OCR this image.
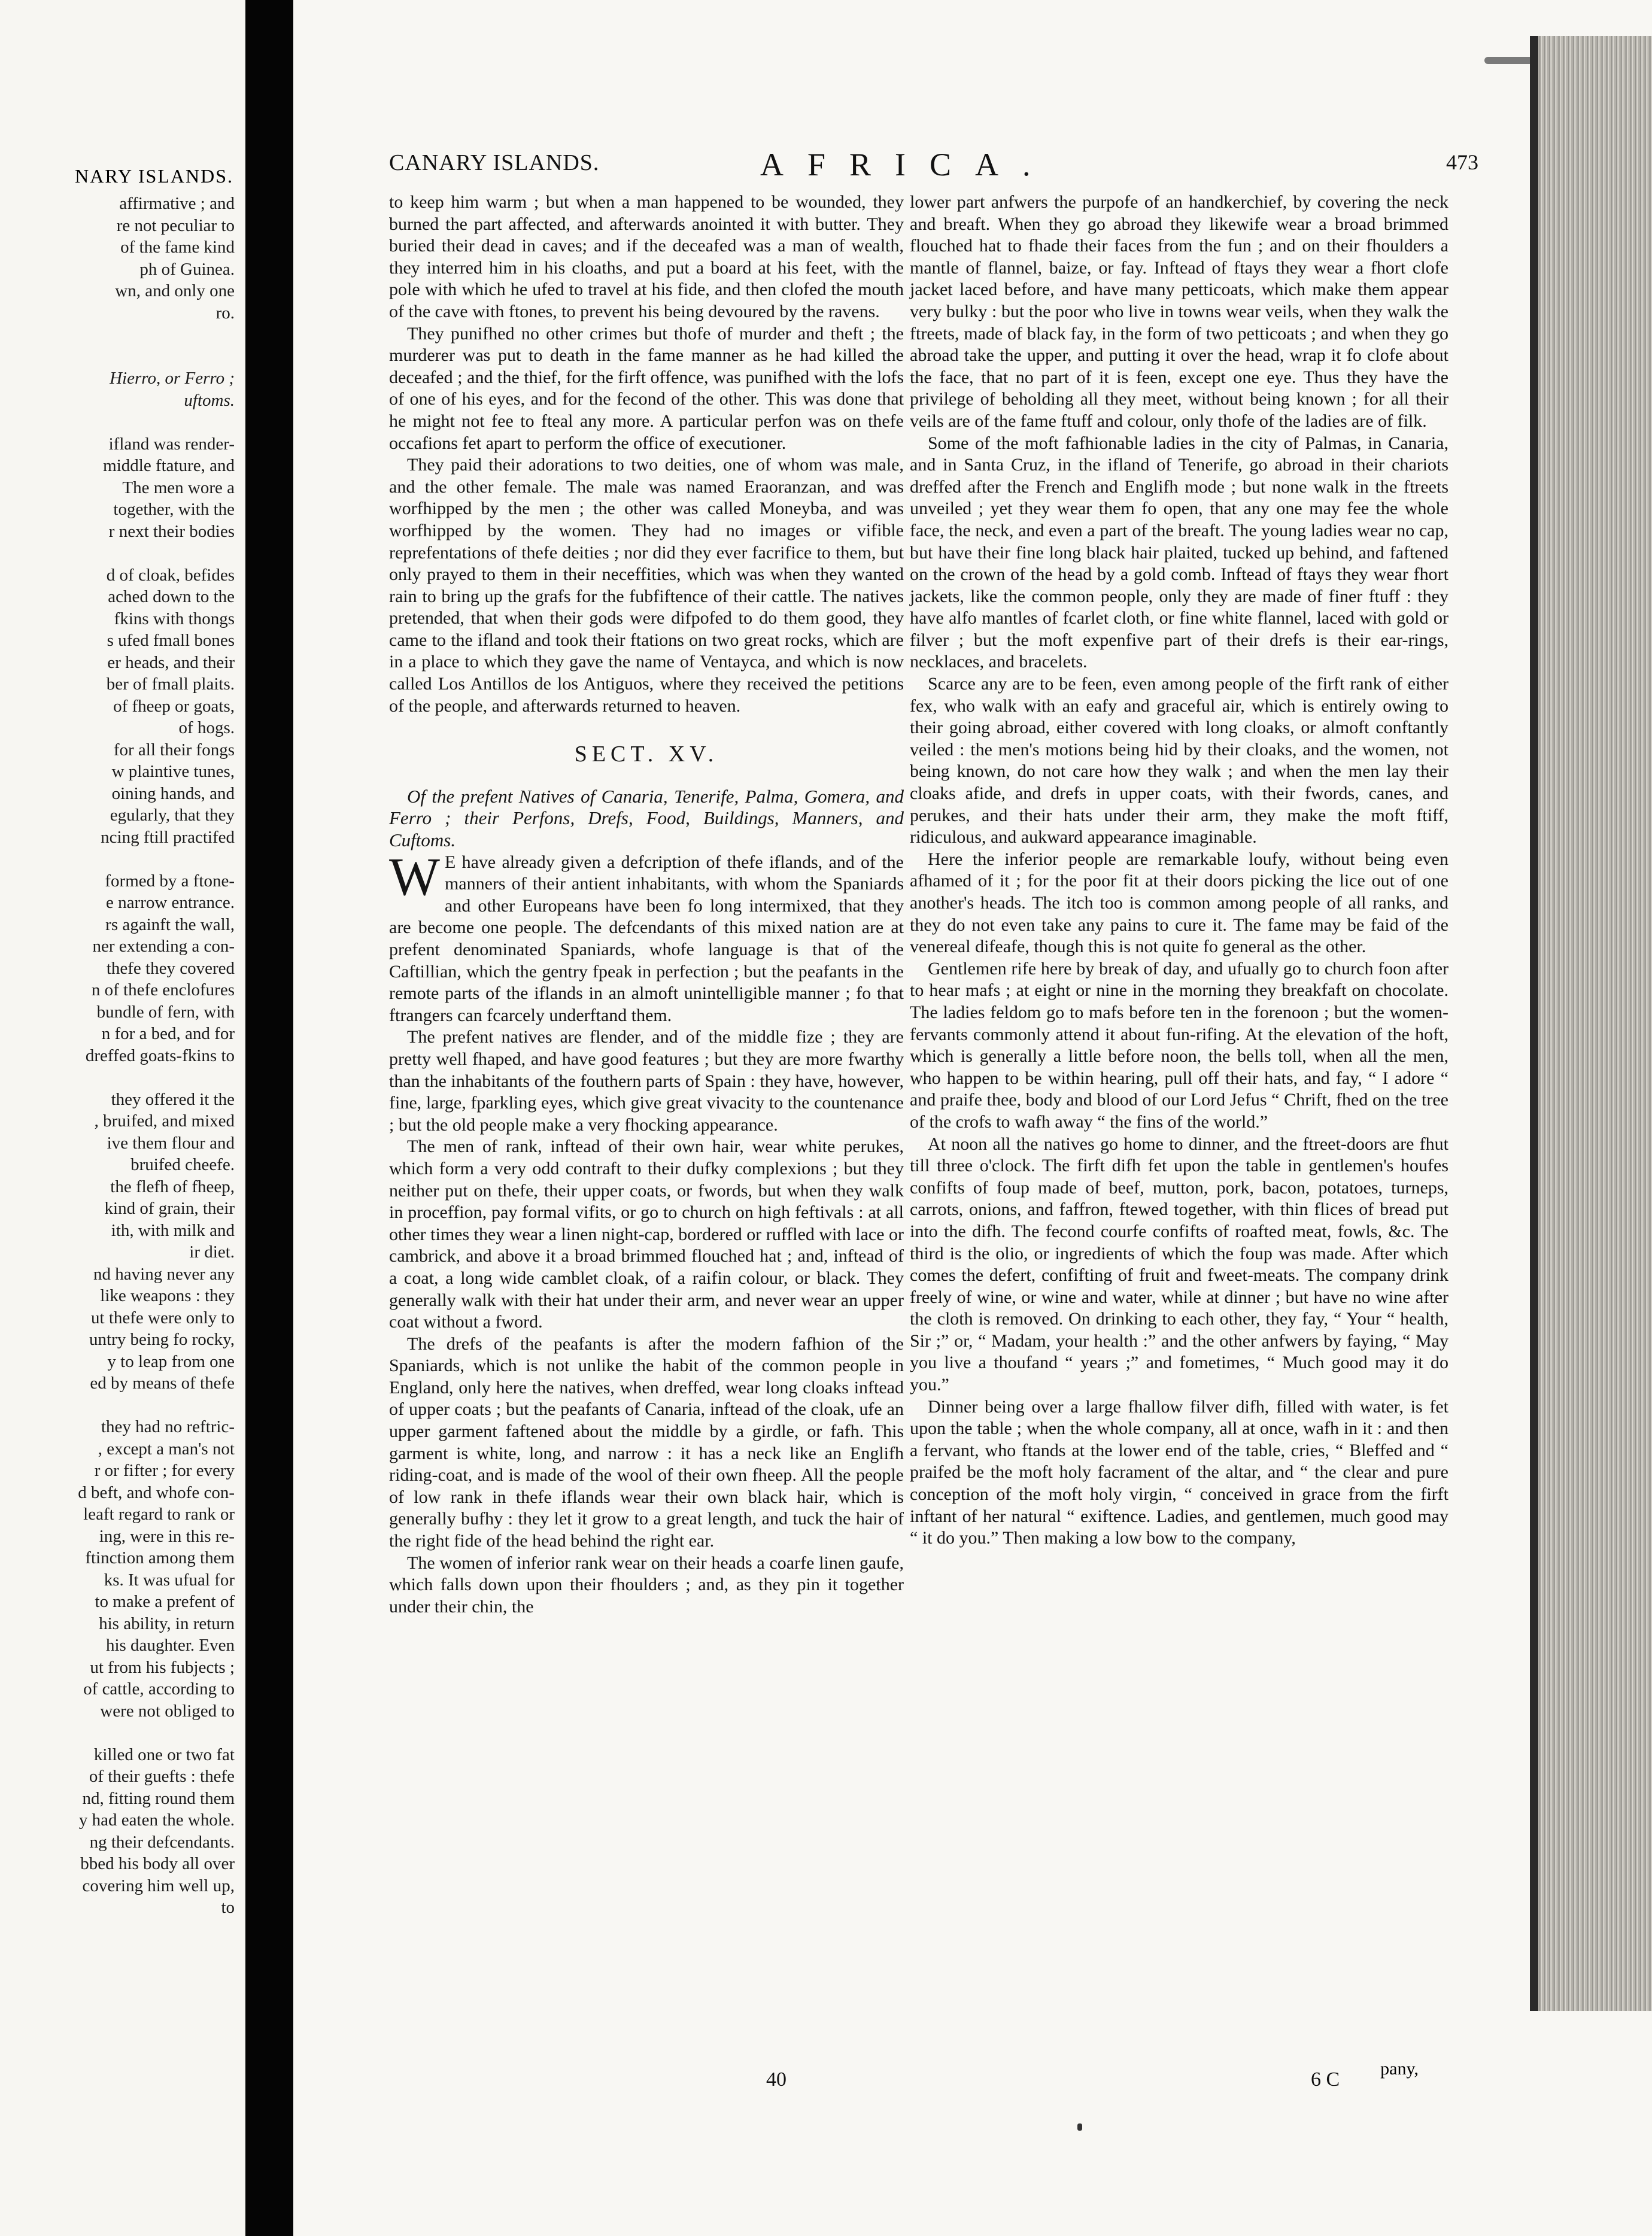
NARY ISLANDS.
affirmative ; and
re not peculiar to
of the fame kind
ph of Guinea.
wn, and only one
ro.

Hierro, or Ferro ;
uftoms.

ifland was render-
middle ftature, and
The men wore a
together, with the
r next their bodies

d of cloak, befides
ached down to the
fkins with thongs
s ufed fmall bones
er heads, and their
ber of fmall plaits.
of fheep or goats,
of hogs.
for all their fongs
w plaintive tunes,
oining hands, and
egularly, that they
ncing ftill practifed

formed by a ftone-
e narrow entrance.
rs againft the wall,
ner extending a con-
thefe they covered
n of thefe enclofures
bundle of fern, with
n for a bed, and for
dreffed goats-fkins to

they offered it the
, bruifed, and mixed
ive them flour and
bruifed cheefe.
the flefh of fheep,
kind of grain, their
ith, with milk and
ir diet.
nd having never any
like weapons : they
ut thefe were only to
untry being fo rocky,
y to leap from one
ed by means of thefe

they had no reftric-
, except a man's not
r or fifter ; for every
d beft, and whofe con-
leaft regard to rank or
ing, were in this re-
ftinction among them
ks. It was ufual for
to make a prefent of
his ability, in return
his daughter. Even
ut from his fubjects ;
of cattle, according to
were not obliged to

killed one or two fat
of their guefts : thefe
nd, fitting round them
y had eaten the whole.
ng their defcendants.
bbed his body all over
covering him well up,
to
CANARY ISLANDS.	AFRICA.	473

to keep him warm ; but when a man happened to be wounded, they burned the part affected, and afterwards anointed it with butter. They buried their dead in caves; and if the deceafed was a man of wealth, they interred him in his cloaths, and put a board at his feet, with the pole with which he ufed to travel at his fide, and then clofed the mouth of the cave with ftones, to prevent his being devoured by the ravens.

They punifhed no other crimes but thofe of murder and theft ; the murderer was put to death in the fame manner as he had killed the deceafed ; and the thief, for the firft offence, was punifhed with the lofs of one of his eyes, and for the fecond of the other. This was done that he might not fee to fteal any more. A particular perfon was on thefe occafions fet apart to perform the office of executioner.

They paid their adorations to two deities, one of whom was male, and the other female. The male was named Eraoranzan, and was worfhipped by the men ; the other was called Moneyba, and was worfhipped by the women. They had no images or vifible reprefentations of thefe deities ; nor did they ever facrifice to them, but only prayed to them in their neceffities, which was when they wanted rain to bring up the grafs for the fubfiftence of their cattle. The natives pretended, that when their gods were difpofed to do them good, they came to the ifland and took their ftations on two great rocks, which are in a place to which they gave the name of Ventayca, and which is now called Los Antillos de los Antiguos, where they received the petitions of the people, and afterwards returned to heaven.

SECT. XV.

Of the prefent Natives of Canaria, Tenerife, Palma, Gomera, and Ferro ; their Perfons, Drefs, Food, Buildings, Manners, and Cuftoms.

W E have already given a defcription of thefe iflands, and of the manners of their antient inhabitants, with whom the Spaniards and other Europeans have been fo long intermixed, that they are become one people. The defcendants of this mixed nation are at prefent denominated Spaniards, whofe language is that of the Caftillian, which the gentry fpeak in perfection ; but the peafants in the remote parts of the iflands in an almoft unintelligible manner ; fo that ftrangers can fcarcely underftand them.

The prefent natives are flender, and of the middle fize ; they are pretty well fhaped, and have good features ; but they are more fwarthy than the inhabitants of the fouthern parts of Spain : they have, however, fine, large, fparkling eyes, which give great vivacity to the countenance ; but the old people make a very fhocking appearance.

The men of rank, inftead of their own hair, wear white perukes, which form a very odd contraft to their dufky complexions ; but they neither put on thefe, their upper coats, or fwords, but when they walk in proceffion, pay formal vifits, or go to church on high feftivals : at all other times they wear a linen night-cap, bordered or ruffled with lace or cambrick, and above it a broad brimmed flouched hat ; and, inftead of a coat, a long wide camblet cloak, of a raifin colour, or black. They generally walk with their hat under their arm, and never wear an upper coat without a fword.

The drefs of the peafants is after the modern fafhion of the Spaniards, which is not unlike the habit of the common people in England, only here the natives, when dreffed, wear long cloaks inftead of upper coats ; but the peafants of Canaria, inftead of the cloak, ufe an upper garment faftened about the middle by a girdle, or fafh. This garment is white, long, and narrow : it has a neck like an Englifh riding-coat, and is made of the wool of their own fheep. All the people of low rank in thefe iflands wear their own black hair, which is generally bufhy : they let it grow to a great length, and tuck the hair of the right fide of the head behind the right ear.

The women of inferior rank wear on their heads a coarfe linen gaufe, which falls down upon their fhoulders ; and, as they pin it together under their chin, the

lower part anfwers the purpofe of an handkerchief, by covering the neck and breaft. When they go abroad they likewife wear a broad brimmed flouched hat to fhade their faces from the fun ; and on their fhoulders a mantle of flannel, baize, or fay. Inftead of ftays they wear a fhort clofe jacket laced before, and have many petticoats, which make them appear very bulky : but the poor who live in towns wear veils, when they walk the ftreets, made of black fay, in the form of two petticoats ; and when they go abroad take the upper, and putting it over the head, wrap it fo clofe about the face, that no part of it is feen, except one eye. Thus they have the privilege of beholding all they meet, without being known ; for all their veils are of the fame ftuff and colour, only thofe of the ladies are of filk.

Some of the moft fafhionable ladies in the city of Palmas, in Canaria, and in Santa Cruz, in the ifland of Tenerife, go abroad in their chariots dreffed after the French and Englifh mode ; but none walk in the ftreets unveiled ; yet they wear them fo open, that any one may fee the whole face, the neck, and even a part of the breaft. The young ladies wear no cap, but have their fine long black hair plaited, tucked up behind, and faftened on the crown of the head by a gold comb. Inftead of ftays they wear fhort jackets, like the common people, only they are made of finer ftuff : they have alfo mantles of fcarlet cloth, or fine white flannel, laced with gold or filver ; but the moft expenfive part of their drefs is their ear-rings, necklaces, and bracelets.

Scarce any are to be feen, even among people of the firft rank of either fex, who walk with an eafy and graceful air, which is entirely owing to their going abroad, either covered with long cloaks, or almoft conftantly veiled : the men's motions being hid by their cloaks, and the women, not being known, do not care how they walk ; and when the men lay their cloaks afide, and drefs in upper coats, with their fwords, canes, and perukes, and their hats under their arm, they make the moft ftiff, ridiculous, and aukward appearance imaginable.

Here the inferior people are remarkable loufy, without being even afhamed of it ; for the poor fit at their doors picking the lice out of one another's heads. The itch too is common among people of all ranks, and they do not even take any pains to cure it. The fame may be faid of the venereal difeafe, though this is not quite fo general as the other.

Gentlemen rife here by break of day, and ufually go to church foon after to hear mafs ; at eight or nine in the morning they breakfaft on chocolate. The ladies feldom go to mafs before ten in the forenoon ; but the women-fervants commonly attend it about fun-rifing. At the elevation of the hoft, which is generally a little before noon, the bells toll, when all the men, who happen to be within hearing, pull off their hats, and fay, “ I adore “ and praife thee, body and blood of our Lord Jefus “ Chrift, fhed on the tree of the crofs to wafh away “ the fins of the world.”

At noon all the natives go home to dinner, and the ftreet-doors are fhut till three o'clock. The firft difh fet upon the table in gentlemen's houfes confifts of foup made of beef, mutton, pork, bacon, potatoes, turneps, carrots, onions, and faffron, ftewed together, with thin flices of bread put into the difh. The fecond courfe confifts of roafted meat, fowls, &c. The third is the olio, or ingredients of which the foup was made. After which comes the defert, confifting of fruit and fweet-meats. The company drink freely of wine, or wine and water, while at dinner ; but have no wine after the cloth is removed. On drinking to each other, they fay, “ Your “ health, Sir ;” or, “ Madam, your health :” and the other anfwers by faying, “ May you live a thoufand “ years ;” and fometimes, “ Much good may it do you.”

Dinner being over a large fhallow filver difh, filled with water, is fet upon the table ; when the whole company, all at once, wafh in it : and then a fervant, who ftands at the lower end of the table, cries, “ Bleffed and “ praifed be the moft holy facrament of the altar, and “ the clear and pure conception of the moft holy virgin, “ conceived in grace from the firft inftant of her natural “ exiftence. Ladies, and gentlemen, much good may “ it do you.” Then making a low bow to the company,

40	6 C pany,
